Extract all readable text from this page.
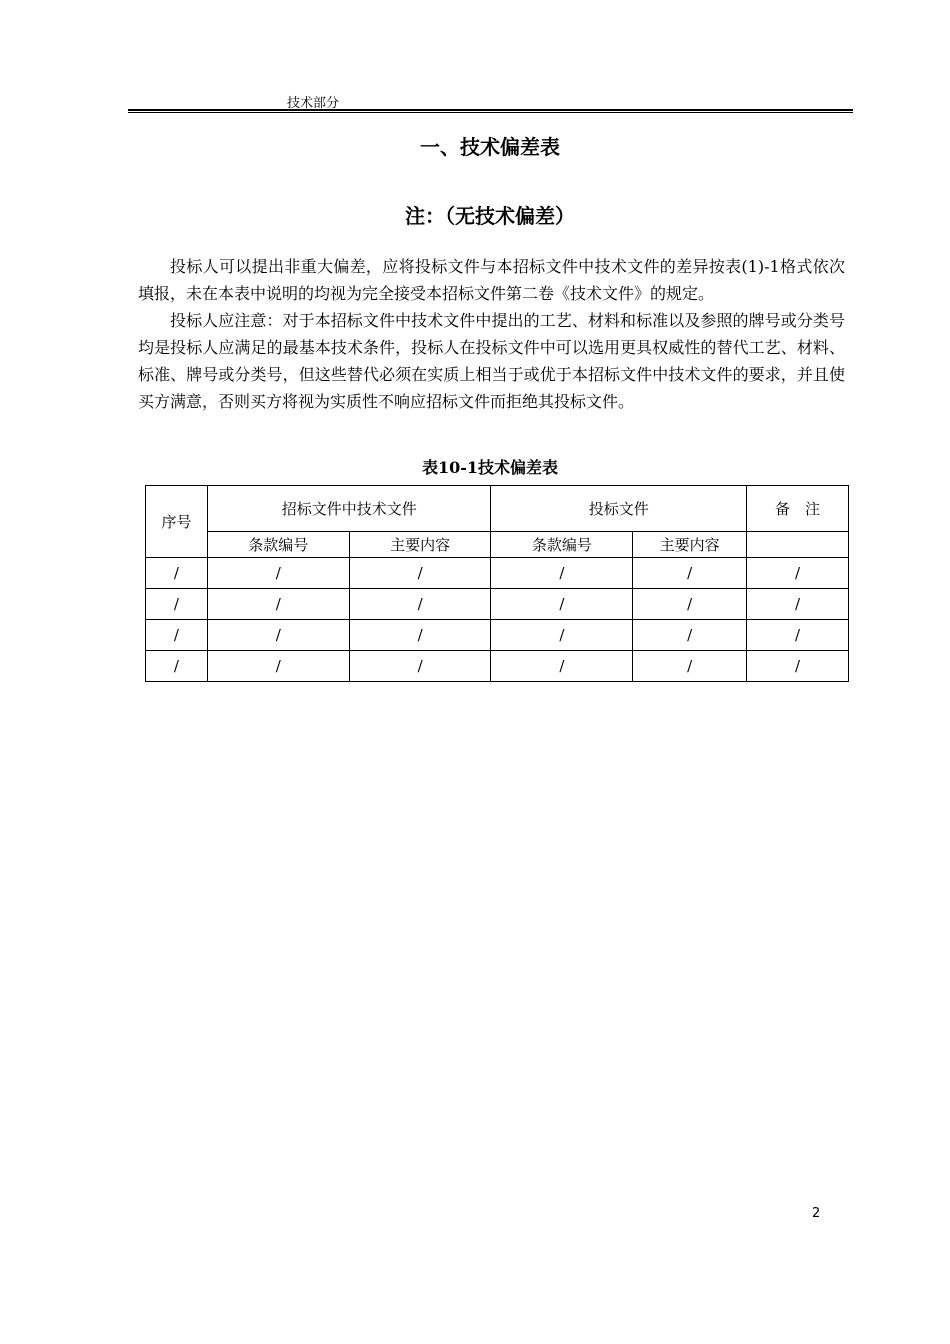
技术部分
一、技术偏差表
注：（无技术偏差）

投标人可以提出非重大偏差，应将投标文件与本招标文件中技术文件的差异按表(1)-1格式依次填报，未在本表中说明的均视为完全接受本招标文件第二卷《技术文件》的规定。

投标人应注意：对于本招标文件中技术文件中提出的工艺、材料和标准以及参照的牌号或分类号均是投标人应满足的最基本技术条件，投标人在投标文件中可以选用更具权威性的替代工艺、材料、标准、牌号或分类号，但这些替代必须在实质上相当于或优于本招标文件中技术文件的要求，并且使买方满意，否则买方将视为实质性不响应招标文件而拒绝其投标文件。

表10-1技术偏差表
序号	招标文件中技术文件		投标文件		备　注
	条款编号	主要内容	条款编号	主要内容	
/	/	/	/	/	/
/	/	/	/	/	/
/	/	/	/	/	/
/	/	/	/	/	/
2
